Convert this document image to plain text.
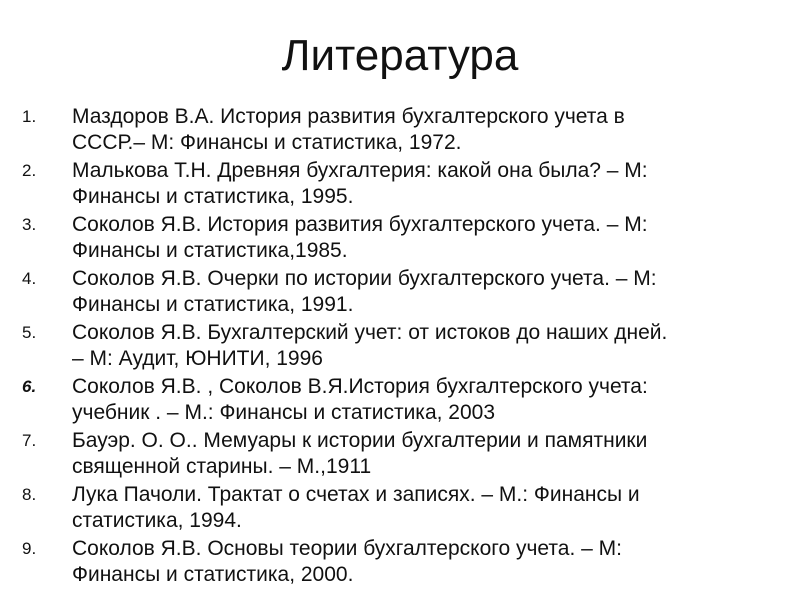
Литература
1.	Маздоров В.А. История развития бухгалтерского учета в
СССР.– М: Финансы и статистика, 1972.
2.	Малькова Т.Н. Древняя бухгалтерия: какой она была? – М:
Финансы и статистика, 1995.
3.	Соколов Я.В. История развития бухгалтерского учета. – М:
Финансы и статистика,1985.
4.	Соколов Я.В. Очерки по истории бухгалтерского учета. – М:
Финансы и статистика, 1991.
5.	Соколов Я.В. Бухгалтерский учет: от истоков до наших дней.
– М: Аудит, ЮНИТИ, 1996
6.	Соколов Я.В. , Соколов В.Я.История бухгалтерского учета:
учебник . – М.: Финансы и статистика, 2003
7.	Бауэр. О. О.. Мемуары к истории бухгалтерии и памятники
священной старины. – М.,1911
8.	Лука Пачоли. Трактат о счетах и записях. – М.: Финансы и
статистика, 1994.
9.	Соколов Я.В. Основы теории бухгалтерского учета. – М:
Финансы и статистика, 2000.
